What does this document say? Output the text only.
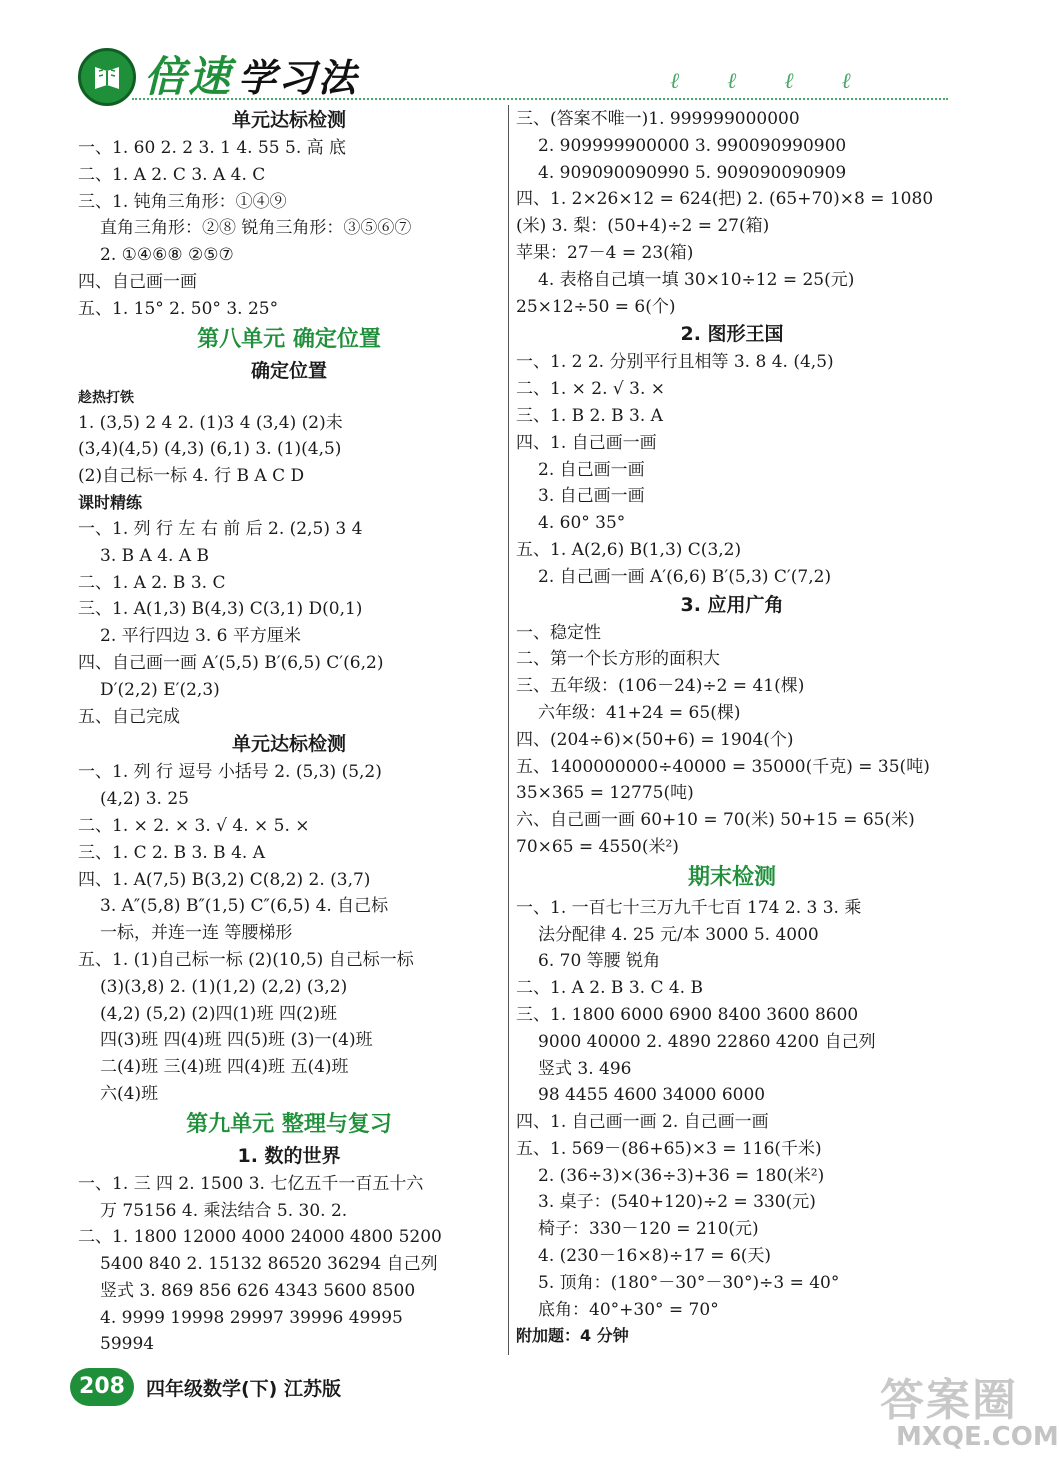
倍速 学习法	ℓℓℓℓ
单元达标检测
一、1. 60 2. 2 3. 1 4. 55 5. 高 底
二、1. A 2. C 3. A 4. C
三、1. 钝角三角形：①④⑨
直角三角形：②⑧ 锐角三角形：③⑤⑥⑦
2. ①④⑥⑧ ②⑤⑦
四、自己画一画
五、1. 15° 2. 50° 3. 25°
第八单元 确定位置
确定位置
趁热打铁
1. (3,5) 2 4 2. (1)3 4 (3,4) (2)未
(3,4)(4,5) (4,3) (6,1) 3. (1)(4,5)
(2)自己标一标 4. 行 B A C D
课时精练
一、1. 列 行 左 右 前 后 2. (2,5) 3 4
3. B A 4. A B
二、1. A 2. B 3. C
三、1. A(1,3) B(4,3) C(3,1) D(0,1)
2. 平行四边 3. 6 平方厘米
四、自己画一画 A′(5,5) B′(6,5) C′(6,2)
D′(2,2) E′(2,3)
五、自己完成
单元达标检测
一、1. 列 行 逗号 小括号 2. (5,3) (5,2)
(4,2) 3. 25
二、1. × 2. × 3. √ 4. × 5. ×
三、1. C 2. B 3. B 4. A
四、1. A(7,5) B(3,2) C(8,2) 2. (3,7)
3. A″(5,8) B″(1,5) C″(6,5) 4. 自己标
一标，并连一连 等腰梯形
五、1. (1)自己标一标 (2)(10,5) 自己标一标
(3)(3,8) 2. (1)(1,2) (2,2) (3,2)
(4,2) (5,2) (2)四(1)班 四(2)班
四(3)班 四(4)班 四(5)班 (3)一(4)班
二(4)班 三(4)班 四(4)班 五(4)班
六(4)班
第九单元 整理与复习
1. 数的世界
一、1. 三 四 2. 1500 3. 七亿五千一百五十六
万 75156 4. 乘法结合 5. 30. 2.
二、1. 1800 12000 4000 24000 4800 5200
5400 840 2. 15132 86520 36294 自己列
竖式 3. 869 856 626 4343 5600 8500
4. 9999 19998 29997 39996 49995
59994
三、(答案不唯一)1. 999999000000
2. 909999900000 3. 990090990900
4. 909090090990 5. 909090090909
四、1. 2×26×12 = 624(把) 2. (65+70)×8 = 1080
(米) 3. 梨：(50+4)÷2 = 27(箱)
苹果：27－4 = 23(箱)
4. 表格自己填一填 30×10÷12 = 25(元)
25×12÷50 = 6(个)
2. 图形王国
一、1. 2 2. 分别平行且相等 3. 8 4. (4,5)
二、1. × 2. √ 3. ×
三、1. B 2. B 3. A
四、1. 自己画一画
2. 自己画一画
3. 自己画一画
4. 60° 35°
五、1. A(2,6) B(1,3) C(3,2)
2. 自己画一画 A′(6,6) B′(5,3) C′(7,2)
3. 应用广角
一、稳定性
二、第一个长方形的面积大
三、五年级：(106－24)÷2 = 41(棵)
六年级：41+24 = 65(棵)
四、(204÷6)×(50+6) = 1904(个)
五、1400000000÷40000 = 35000(千克) = 35(吨)
35×365 = 12775(吨)
六、自己画一画 60+10 = 70(米) 50+15 = 65(米)
70×65 = 4550(米²)
期末检测
一、1. 一百七十三万九千七百 174 2. 3 3. 乘
法分配律 4. 25 元/本 3000 5. 4000
6. 70 等腰 锐角
二、1. A 2. B 3. C 4. B
三、1. 1800 6000 6900 8400 3600 8600
9000 40000 2. 4890 22860 4200 自己列
竖式 3. 496
98 4455 4600 34000 6000
四、1. 自己画一画 2. 自己画一画
五、1. 569－(86+65)×3 = 116(千米)
2. (36÷3)×(36÷3)+36 = 180(米²)
3. 桌子：(540+120)÷2 = 330(元)
椅子：330－120 = 210(元)
4. (230－16×8)÷17 = 6(天)
5. 顶角：(180°－30°－30°)÷3 = 40°
底角：40°+30° = 70°
附加题：4 分钟
208	四年级数学(下) 江苏版	答案圈
MXQE.COM
